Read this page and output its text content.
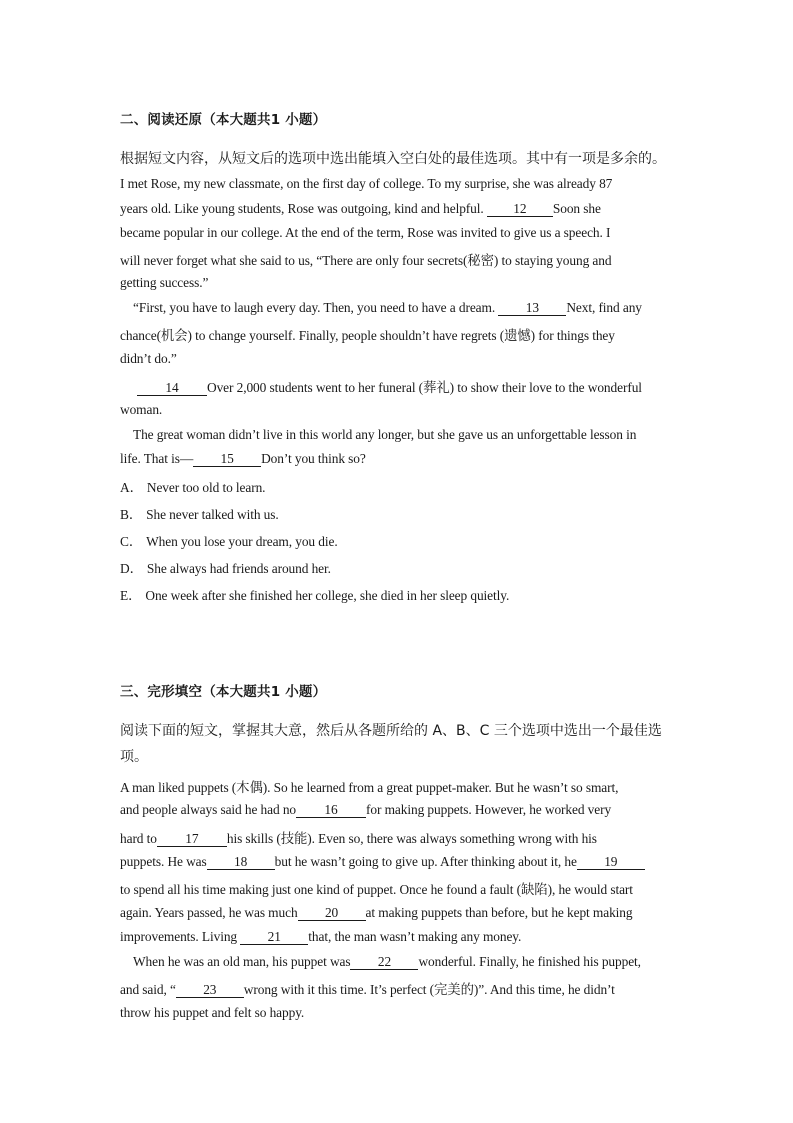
二、阅读还原（本大题共1 小题）
根据短文内容，从短文后的选项中选出能填入空白处的最佳选项。其中有一项是多余的。
I met Rose, my new classmate, on the first day of college. To my surprise, she was already 87
years old. Like young students, Rose was outgoing, kind and helpful. 12 Soon she
became popular in our college. At the end of the term, Rose was invited to give us a speech. I
will never forget what she said to us, “There are only four secrets(秘密) to staying young and
getting success.”
“First, you have to laugh every day. Then, you need to have a dream. 13 Next, find any
chance(机会) to change yourself. Finally, people shouldn’t have regrets (遗憾) for things they
didn’t do.”
14 Over 2,000 students went to her funeral (葬礼) to show their love to the wonderful
woman.
The great woman didn’t live in this world any longer, but she gave us an unforgettable lesson in
life. That is— 15 Don’t you think so?
A． Never too old to learn.
B． She never talked with us.
C． When you lose your dream, you die.
D． She always had friends around her.
E． One week after she finished her college, she died in her sleep quietly.
三、完形填空（本大题共1 小题）
阅读下面的短文，掌握其大意，然后从各题所给的 A、B、C 三个选项中选出一个最佳选
项。
A man liked puppets (木偶). So he learned from a great puppet-maker. But he wasn’t so smart,
and people always said he had no 16 for making puppets. However, he worked very
hard to 17 his skills (技能). Even so, there was always something wrong with his
puppets. He was 18 but he wasn’t going to give up. After thinking about it, he 19
to spend all his time making just one kind of puppet. Once he found a fault (缺陷), he would start
again. Years passed, he was much 20 at making puppets than before, but he kept making
improvements. Living 21 that, the man wasn’t making any money.
When he was an old man, his puppet was 22 wonderful. Finally, he finished his puppet,
and said, “ 23 wrong with it this time. It’s perfect (完美的)”. And this time, he didn’t
throw his puppet and felt so happy.
